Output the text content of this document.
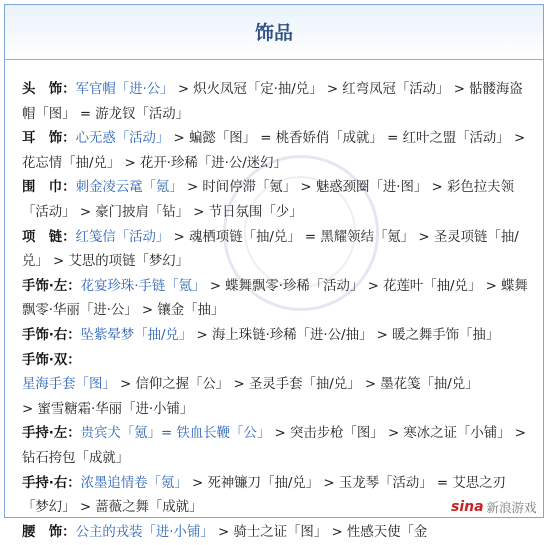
饰品
头　饰：军官帽「进·公」 > 炽火凤冠「定·抽/兑」 > 红弯凤冠「活动」 > 骷髅海盗
帽「图」 = 游龙钗「活动」
耳　饰：心无惑「活动」 > 蝙懿「图」 = 桃香娇俏「成就」 = 红叶之盟「活动」 >
花忘情「抽/兑」 > 花开·珍稀「进·公/迷幻」
围　巾：刺金凌云鼋「氪」 > 时间停滞「氪」 > 魅惑颈圈「进·图」 > 彩色拉夫领
「活动」 > 豪门披肩「钻」 > 节日氛围「少」
项　链：红笺信「活动」 > 魂栖项链「抽/兑」 = 黑耀领结「氪」 > 圣灵项链「抽/
兑」 > 艾思的项链「梦幻」
手饰·左：花宴珍珠·手链「氪」 > 蝶舞飘零·珍稀「活动」 > 花莲叶「抽/兑」 > 蝶舞
飘零·华丽「进·公」 > 镶金「抽」
手饰·右：坠紫晕梦「抽/兑」 > 海上珠链·珍稀「进·公/抽」 > 暖之舞手饰「抽」
手饰·双：星海手套「图」 > 信仰之握「公」 > 圣灵手套「抽/兑」 > 墨花笺「抽/兑」
> 蜜雪糖霜·华丽「进·小铺」
手持·左：贵宾犬「氪」= 铁血长鞭「公」 > 突击步枪「图」 > 寒冰之证「小铺」 >
钻石挎包「成就」
手持·右：浓墨追情卷「氪」 > 死神镰刀「抽/兑」 > 玉龙琴「活动」 = 艾思之刃
「梦幻」 > 蔷薇之舞「成就」
腰　饰：公主的戎装「进·小铺」 > 骑士之证「图」 > 性感天使「金
sina 新浪游戏
